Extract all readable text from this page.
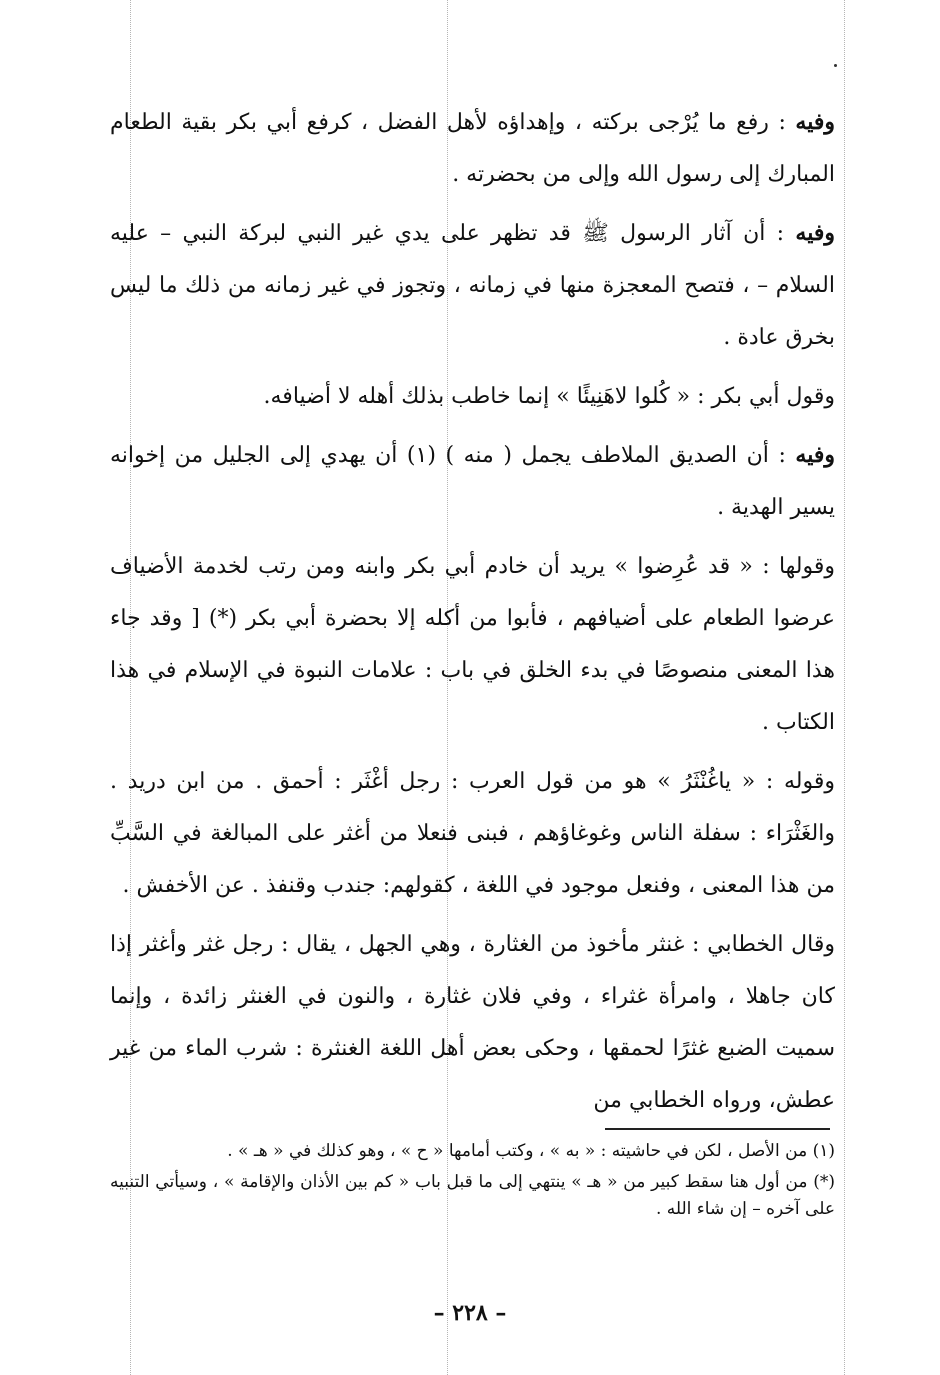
وفيه : رفع ما يُرْجى بركته ، وإهداؤه لأهل الفضل ، كرفع أبي بكر بقية الطعام المبارك إلى رسول الله وإلى من بحضرته .

وفيه : أن آثار الرسول ﷺ قد تظهر على يدي غير النبي لبركة النبي – عليه السلام – ، فتصح المعجزة منها في زمانه ، وتجوز في غير زمانه من ذلك ما ليس بخرق عادة .

وقول أبي بكر : « كُلوا لاهَنِيئًا » إنما خاطب بذلك أهله لا أضيافه.

وفيه : أن الصديق الملاطف يجمل ( منه ) (١) أن يهدي إلى الجليل من إخوانه يسير الهدية .

وقولها : « قد عُرِضوا » يريد أن خادم أبي بكر وابنه ومن رتب لخدمة الأضياف عرضوا الطعام على أضيافهم ، فأبوا من أكله إلا بحضرة أبي بكر (*) [ وقد جاء هذا المعنى منصوصًا في بدء الخلق في باب : علامات النبوة في الإسلام في هذا الكتاب .

وقوله : « ياغُنْثَرُ » هو من قول العرب : رجل أغْثَر : أحمق . من ابن دريد . والغَثْرَاء : سفلة الناس وغوغاؤهم ، فبنى فنعلا من أغثر على المبالغة في السَّبِّ من هذا المعنى ، وفنعل موجود في اللغة ، كقولهم: جندب وقنفذ . عن الأخفش .

وقال الخطابي : غنثر مأخوذ من الغثارة ، وهي الجهل ، يقال : رجل غثر وأغثر إذا كان جاهلا ، وامرأة غثراء ، وفي فلان غثارة ، والنون في الغنثر زائدة ، وإنما سميت الضبع غثرًا لحمقها ، وحكى بعض أهل اللغة الغنثرة : شرب الماء من غير عطش، ورواه الخطابي من

(١) من الأصل ، لكن في حاشيته : « به » ، وكتب أمامها « ح » ، وهو كذلك في « هـ » .

(*) من أول هنا سقط كبير من « هـ » ينتهي إلى ما قبل باب « كم بين الأذان والإقامة » ، وسيأتي التنبيه على آخره – إن شاء الله .

– ٢٢٨ –
